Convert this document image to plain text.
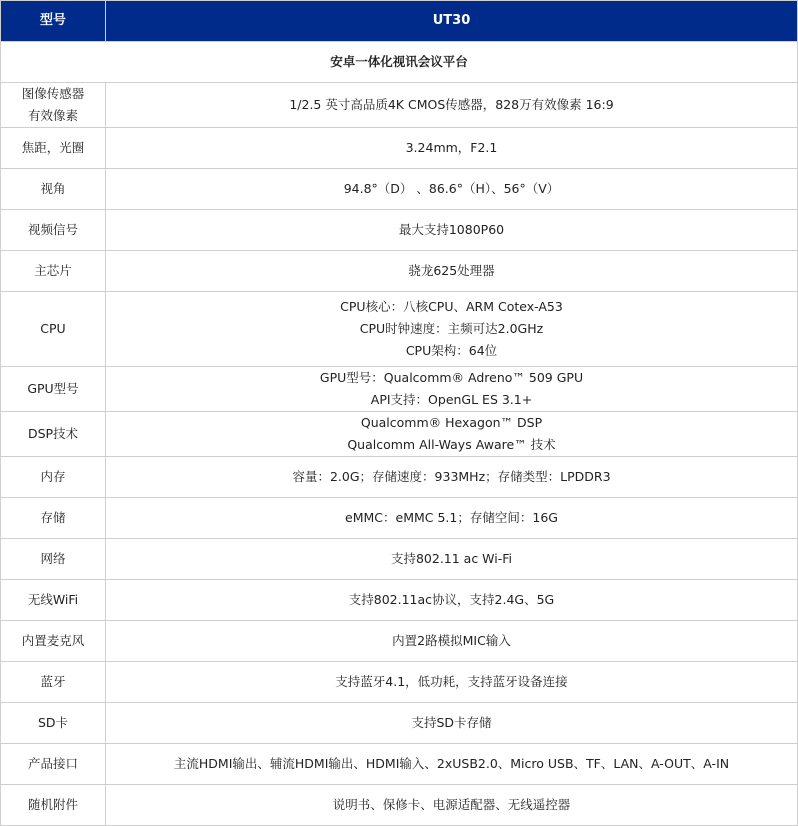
型号	UT30
安卓一体化视讯会议平台	

图像传感器
有效像素	1/2.5 英寸高品质4K CMOS传感器，828万有效像素 16:9

焦距，光圈	3.24mm，F2.1

视角	94.8°（D） 、86.6°（H）、56°（V）

视频信号	最大支持1080P60

主芯片	骁龙625处理器

CPU	CPU核心：八核CPU、ARM Cotex-A53
CPU时钟速度：主频可达2.0GHz
CPU架构：64位

GPU型号	GPU型号：Qualcomm® Adreno™ 509 GPU
API支持：OpenGL ES 3.1+

DSP技术	Qualcomm® Hexagon™ DSP
Qualcomm All-Ways Aware™ 技术

内存	容量：2.0G；存储速度：933MHz；存储类型：LPDDR3

存储	eMMC：eMMC 5.1；存储空间：16G

网络	支持802.11 ac Wi-Fi

无线WiFi	支持802.11ac协议，支持2.4G、5G

内置麦克风	内置2路模拟MIC输入

蓝牙	支持蓝牙4.1，低功耗，支持蓝牙设备连接

SD卡	支持SD卡存储

产品接口	主流HDMI输出、辅流HDMI输出、HDMI输入、2xUSB2.0、Micro USB、TF、LAN、A-OUT、A-IN

随机附件	说明书、保修卡、电源适配器、无线遥控器
